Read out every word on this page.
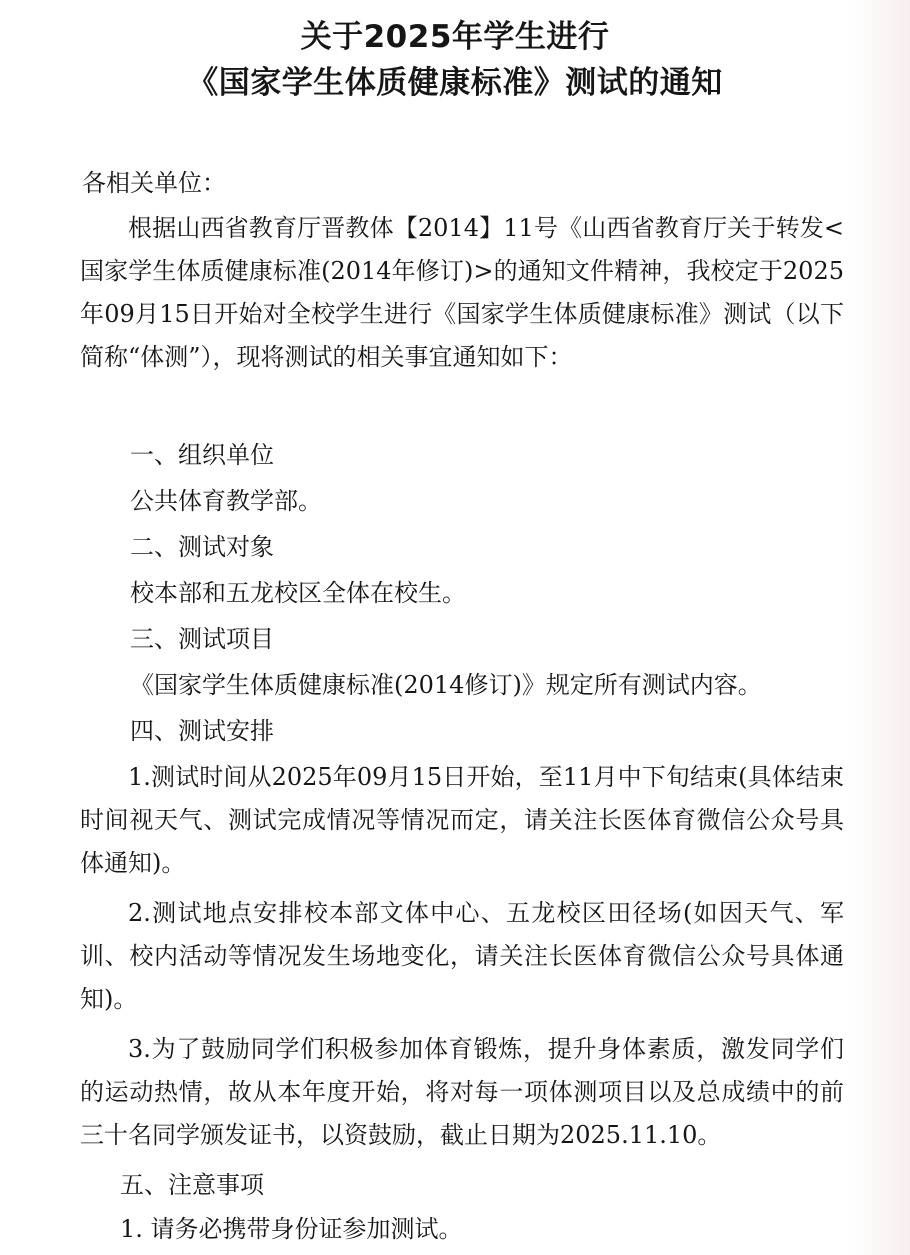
关于2025年学生进行
《国家学生体质健康标准》测试的通知

各相关单位：

根据山西省教育厅晋教体【2014】11号《山西省教育厅关于转发<国家学生体质健康标准(2014年修订)>的通知文件精神，我校定于2025年09月15日开始对全校学生进行《国家学生体质健康标准》测试（以下简称“体测”），现将测试的相关事宜通知如下：

一、组织单位

公共体育教学部。

二、测试对象

校本部和五龙校区全体在校生。

三、测试项目

《国家学生体质健康标准(2014修订)》规定所有测试内容。

四、测试安排

1.测试时间从2025年09月15日开始，至11月中下旬结束(具体结束时间视天气、测试完成情况等情况而定，请关注长医体育微信公众号具体通知)。

2.测试地点安排校本部文体中心、五龙校区田径场(如因天气、军训、校内活动等情况发生场地变化，请关注长医体育微信公众号具体通知)。

3.为了鼓励同学们积极参加体育锻炼，提升身体素质，激发同学们的运动热情，故从本年度开始，将对每一项体测项目以及总成绩中的前三十名同学颁发证书，以资鼓励，截止日期为2025.11.10。

五、注意事项

1. 请务必携带身份证参加测试。
